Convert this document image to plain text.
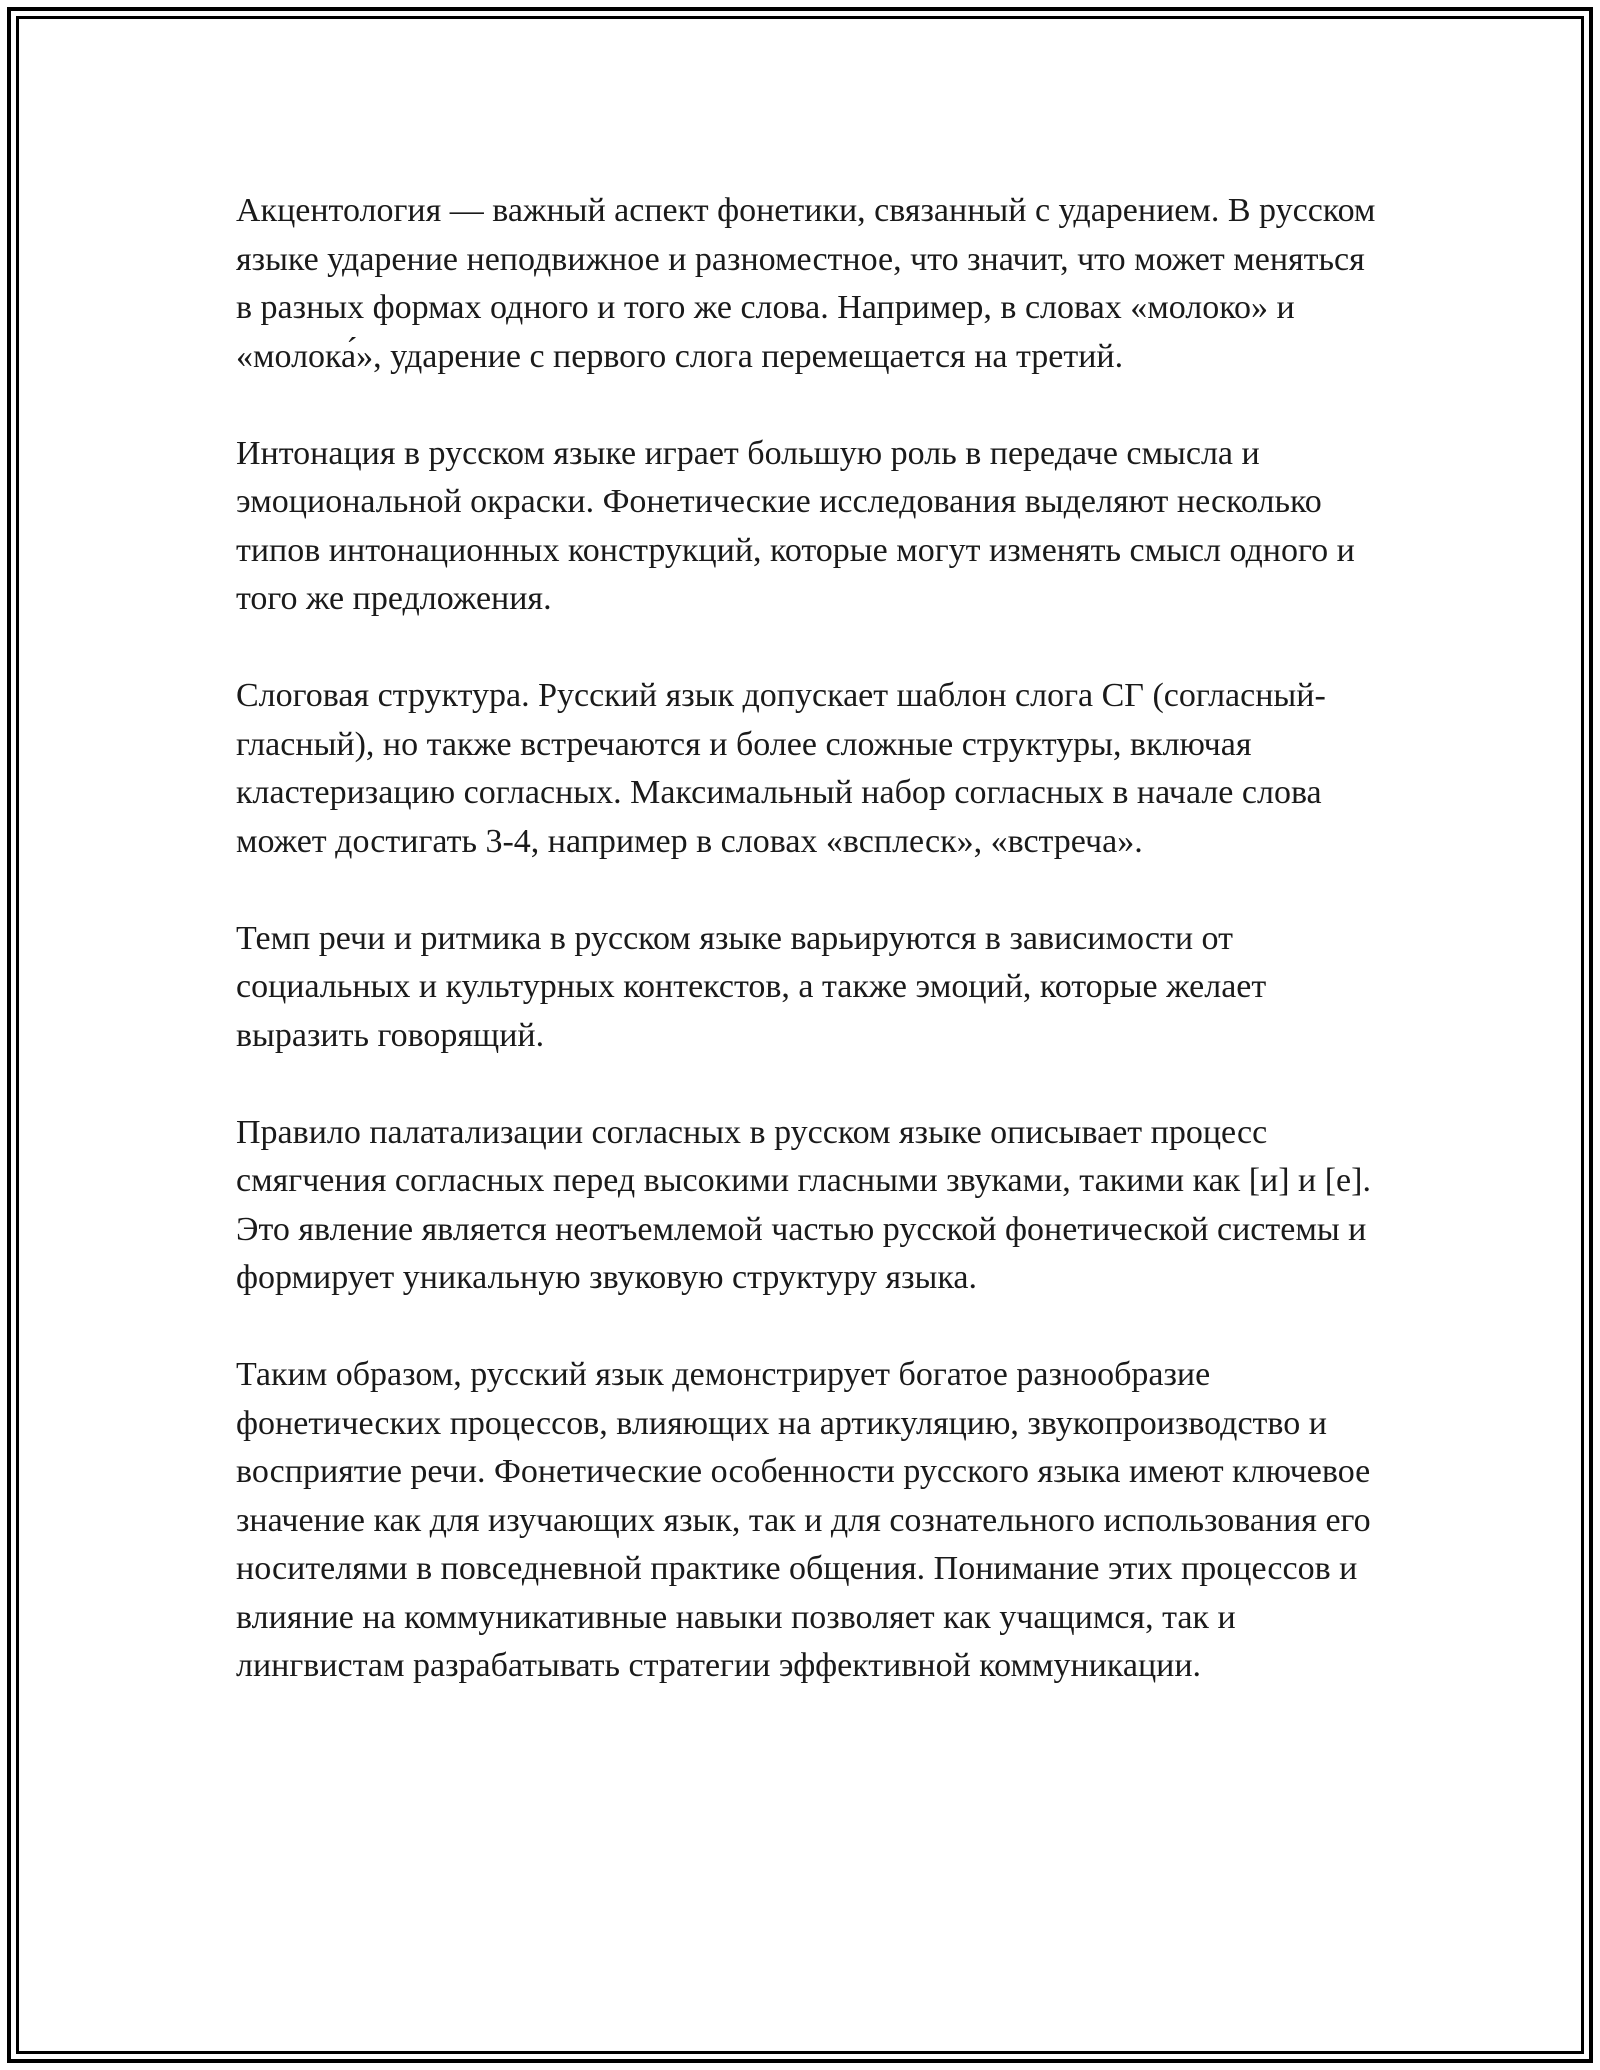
Акцентология — важный аспект фонетики, связанный с ударением. В русском языке ударение неподвижное и разноместное, что значит, что может меняться в разных формах одного и того же слова. Например, в словах «молоко» и «молока́», ударение с первого слога перемещается на третий.

Интонация в русском языке играет большую роль в передаче смысла и эмоциональной окраски. Фонетические исследования выделяют несколько типов интонационных конструкций, которые могут изменять смысл одного и того же предложения.

Слоговая структура. Русский язык допускает шаблон слога СГ (согласный-гласный), но также встречаются и более сложные структуры, включая кластеризацию согласных. Максимальный набор согласных в начале слова может достигать 3-4, например в словах «всплеск», «встреча».

Темп речи и ритмика в русском языке варьируются в зависимости от социальных и культурных контекстов, а также эмоций, которые желает выразить говорящий.

Правило палатализации согласных в русском языке описывает процесс смягчения согласных перед высокими гласными звуками, такими как [и] и [е]. Это явление является неотъемлемой частью русской фонетической системы и формирует уникальную звуковую структуру языка.

Таким образом, русский язык демонстрирует богатое разнообразие фонетических процессов, влияющих на артикуляцию, звукопроизводство и восприятие речи. Фонетические особенности русского языка имеют ключевое значение как для изучающих язык, так и для сознательного использования его носителями в повседневной практике общения. Понимание этих процессов и влияние на коммуникативные навыки позволяет как учащимся, так и лингвистам разрабатывать стратегии эффективной коммуникации.
